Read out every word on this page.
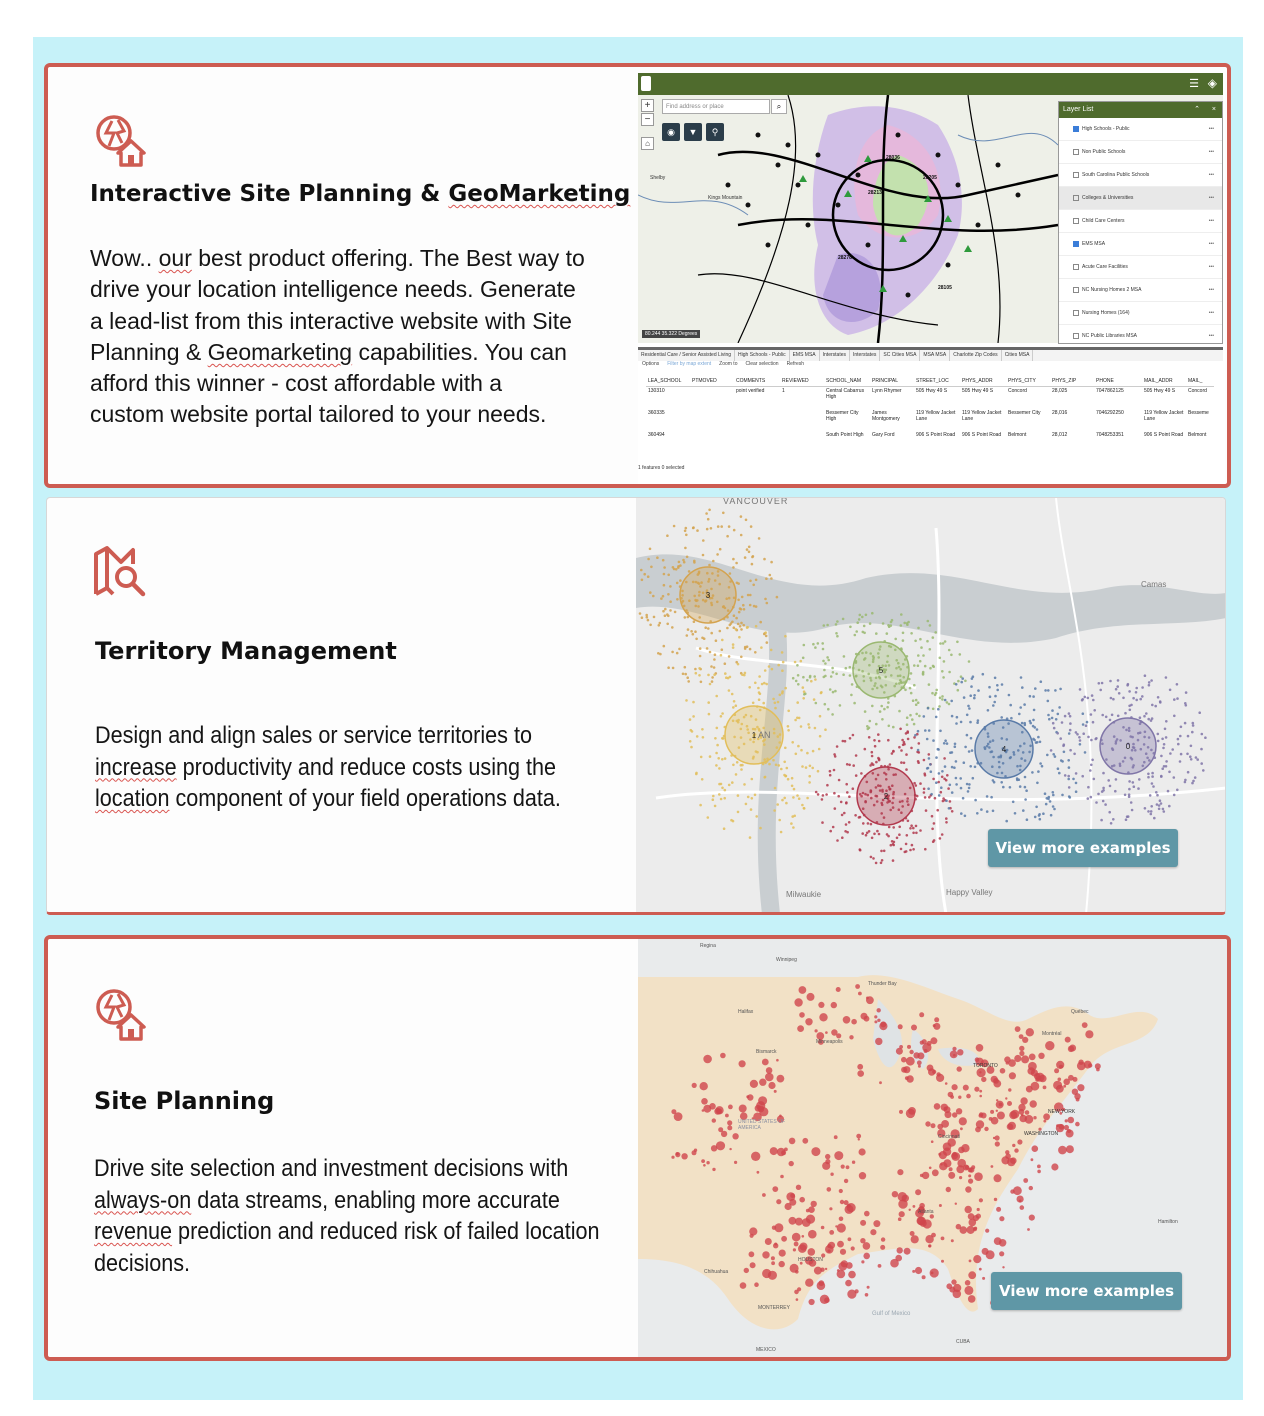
Interactive Site Planning & GeoMarketing
Wow.. our best product offering. The Best way to
drive your location intelligence needs. Generate
a lead-list from this interactive website with Site
Planning & Geomarketing capabilities. You can
afford this winner - cost affordable with a
custom website portal tailored to your needs.
☰ ◈
28213
28036
28205
28278
28105
Kings Mountain
Shelby
80.244 35.322 Degrees
Find address or place	⌕
+
−
⌂
◉	▼	⚲
Layer List	⌃ ×
High Schools - Public	•••
Non Public Schools	•••
South Carolina Public Schools	•••
Colleges & Universities	•••
Child Care Centers	•••
EMS MSA	•••
Acute Care Facilities	•••
NC Nursing Homes 2 MSA	•••
Nursing Homes (164)	•••
NC Public Libraries MSA	•••
Residential Care / Senior Assisted Living	High Schools - Public	EMS MSA	Interstates	Interstates	SC Cities MSA	MSA MSA	Charlotte Zip Codes	Cities MSA
Options Filter by map extent Zoom to Clear selection Refresh
LEA_SCHOOL	PTMOVED	COMMENTS	REVIEWED	SCHOOL_NAM	PRINCIPAL	STREET_LOC	PHYS_ADDR	PHYS_CITY	PHYS_ZIP	PHONE	MAIL_ADDR	MAIL_
130310		point verified	1	Central Cabarrus High	Lynn Rhymer	505 Hwy 49 S	505 Hwy 49 S	Concord	28,025	7047862125	505 Hwy 49 S	Concord
360335				Bessemer City High	James Montgomery	119 Yellow Jacket Lane	119 Yellow Jacket Lane	Bessemer City	28,016	7046292250	119 Yellow Jacket Lane	Besseme
360494				South Point High	Gary Ford	906 S Point Road	906 S Point Road	Belmont	28,012	7048253351	906 S Point Road	Belmont
1 features 0 selected
Territory Management
Design and align sales or service territories to
increase productivity and reduce costs using the
location component of your field operations data.
3
5
1
2
4	0
VANCOUVER
Camas
Happy Valley
Milwaukie
AN
View more examples
Site Planning
Drive site selection and investment decisions with
always-on data streams, enabling more accurate
revenue prediction and reduced risk of failed location
decisions.
Regina
Winnipeg
Thunder Bay
Québec
Montréal
Halifax
Minneapolis
Bismarck
TORONTO
UNITED STATES OF AMERICA
NEW YORK
WASHINGTON
Cincinnati
Atlanta
HOUSTON
Chihuahua
MEXICO
MONTERREY
Gulf of Mexico
CUBA
Hamilton
View more examples
